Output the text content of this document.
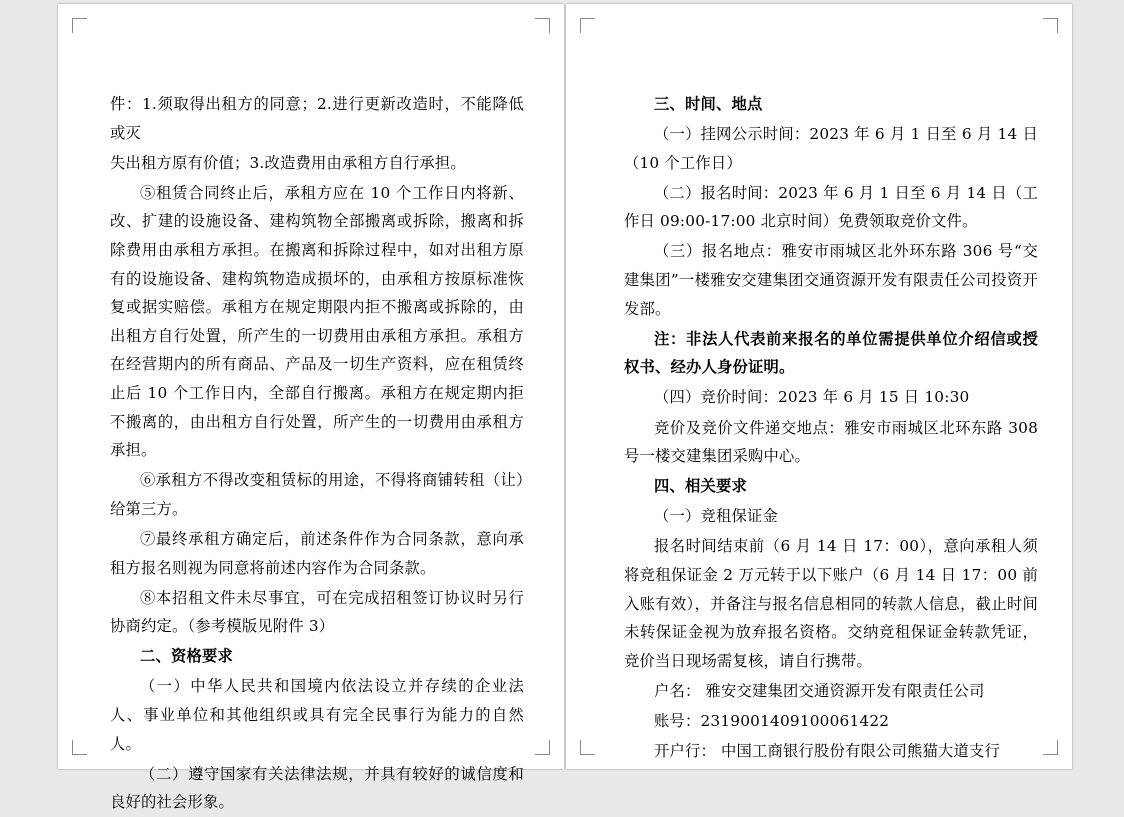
件：1.须取得出租方的同意；2.进行更新改造时，不能降低或灭

失出租方原有价值；3.改造费用由承租方自行承担。

⑤租赁合同终止后，承租方应在 10 个工作日内将新、改、扩建的设施设备、建构筑物全部搬离或拆除，搬离和拆除费用由承租方承担。在搬离和拆除过程中，如对出租方原有的设施设备、建构筑物造成损坏的，由承租方按原标准恢复或据实赔偿。承租方在规定期限内拒不搬离或拆除的，由出租方自行处置，所产生的一切费用由承租方承担。承租方在经营期内的所有商品、产品及一切生产资料，应在租赁终止后 10 个工作日内，全部自行搬离。承租方在规定期内拒不搬离的，由出租方自行处置，所产生的一切费用由承租方承担。

⑥承租方不得改变租赁标的用途，不得将商铺转租（让）给第三方。

⑦最终承租方确定后，前述条件作为合同条款，意向承租方报名则视为同意将前述内容作为合同条款。

⑧本招租文件未尽事宜，可在完成招租签订协议时另行协商约定。（参考模版见附件 3）

二、资格要求

（一）中华人民共和国境内依法设立并存续的企业法人、事业单位和其他组织或具有完全民事行为能力的自然人。

（二）遵守国家有关法律法规，并具有较好的诚信度和良好的社会形象。

三、时间、地点

（一）挂网公示时间：2023 年 6 月 1 日至 6 月 14 日（10 个工作日）

（二）报名时间：2023 年 6 月 1 日至 6 月 14 日（工作日 09:00-17:00 北京时间）免费领取竞价文件。

（三）报名地点：雅安市雨城区北外环东路 306 号“交建集团”一楼雅安交建集团交通资源开发有限责任公司投资开发部。

注：非法人代表前来报名的单位需提供单位介绍信或授权书、经办人身份证明。

（四）竞价时间：2023 年 6 月 15 日 10:30

竞价及竞价文件递交地点：雅安市雨城区北环东路 308 号一楼交建集团采购中心。

四、相关要求

（一）竞租保证金

报名时间结束前（6 月 14 日 17：00），意向承租人须将竞租保证金 2 万元转于以下账户（6 月 14 日 17：00 前入账有效），并备注与报名信息相同的转款人信息，截止时间未转保证金视为放弃报名资格。交纳竞租保证金转款凭证，竞价当日现场需复核，请自行携带。

户名： 雅安交建集团交通资源开发有限责任公司

账号：2319001409100061422

开户行： 中国工商银行股份有限公司熊猫大道支行
